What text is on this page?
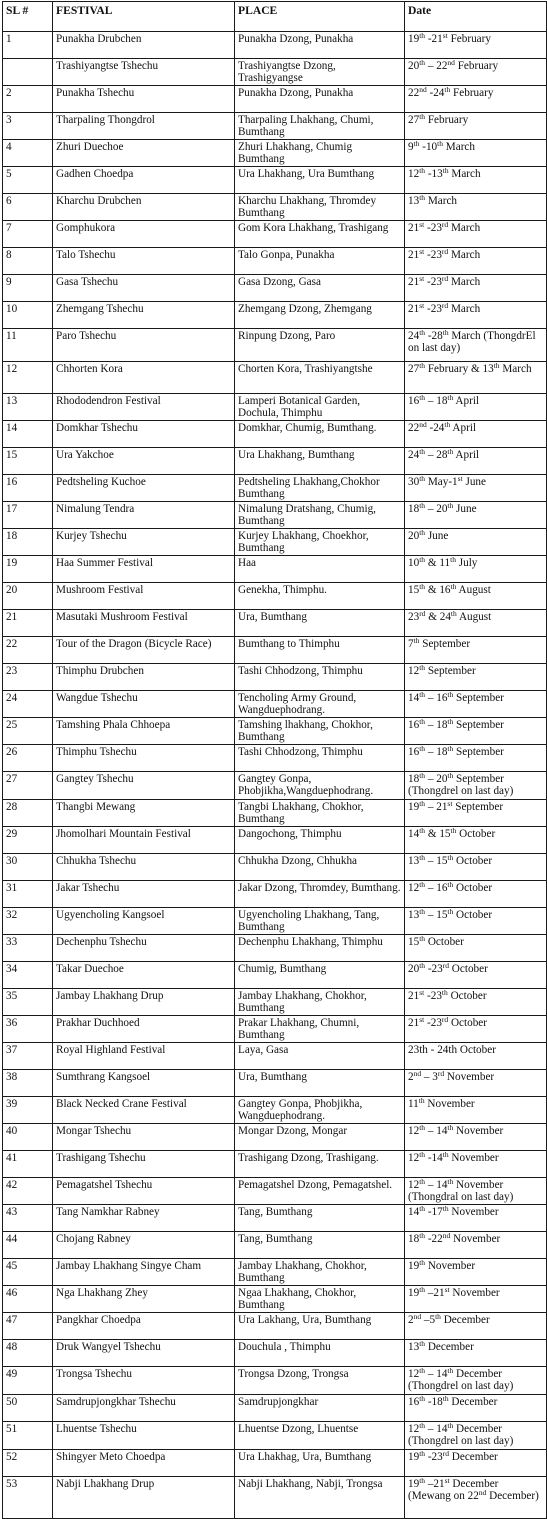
SL #	FESTIVAL	PLACE	Date
1	Punakha Drubchen	Punakha Dzong, Punakha	19th -21st February
	Trashiyangtse Tshechu	Trashiyangtse Dzong, Trashigyangse	20th – 22nd February
2	Punakha Tshechu	Punakha Dzong, Punakha	22nd -24th February
3	Tharpaling Thongdrol	Tharpaling Lhakhang, Chumi, Bumthang	27th February
4	Zhuri Duechoe	Zhuri Lhakhang, Chumig Bumthang	9th -10th March
5	Gadhen Choedpa	Ura Lhakhang, Ura Bumthang	12th -13th March
6	Kharchu Drubchen	Kharchu Lhakhang, Thromdey Bumthang	13th March
7	Gomphukora	Gom Kora Lhakhang, Trashigang	21st -23rd March
8	Talo Tshechu	Talo Gonpa, Punakha	21st -23rd March
9	Gasa Tshechu	Gasa Dzong, Gasa	21st -23rd March
10	Zhemgang Tshechu	Zhemgang Dzong, Zhemgang	21st -23rd March
11	Paro Tshechu	Rinpung Dzong, Paro	24th -28th March (ThongdrEl on last day)
12	Chhorten Kora	Chorten Kora, Trashiyangtshe	27th February & 13th March
13	Rhododendron Festival	Lamperi Botanical Garden, Dochula, Thimphu	16th – 18th April
14	Domkhar Tshechu	Domkhar, Chumig, Bumthang.	22nd -24th April
15	Ura Yakchoe	Ura Lhakhang, Bumthang	24th – 28th April
16	Pedtsheling Kuchoe	Pedtsheling Lhakhang,Chokhor Bumthang	30th May-1st June
17	Nimalung Tendra	Nimalung Dratshang, Chumig, Bumthang	18th – 20th June
18	Kurjey Tshechu	Kurjey Lhakhang, Choekhor, Bumthang	20th June
19	Haa Summer Festival	Haa	10th & 11th July
20	Mushroom Festival	Genekha, Thimphu.	15th & 16th August
21	Masutaki Mushroom Festival	Ura, Bumthang	23rd & 24th August
22	Tour of the Dragon (Bicycle Race)	Bumthang to Thimphu	7th September
23	Thimphu Drubchen	Tashi Chhodzong, Thimphu	12th September
24	Wangdue Tshechu	Tencholing Army Ground, Wangduephodrang.	14th – 16th September
25	Tamshing Phala Chhoepa	Tamshing lhakhang, Chokhor, Bumthang	16th – 18th September
26	Thimphu Tshechu	Tashi Chhodzong, Thimphu	16th – 18th September
27	Gangtey Tshechu	Gangtey Gonpa, Phobjikha,Wangduephodrang.	18th – 20th September (Thongdrel on last day)
28	Thangbi Mewang	Tangbi Lhakhang, Chokhor, Bumthang	19th – 21st September
29	Jhomolhari Mountain Festival	Dangochong, Thimphu	14th & 15th October
30	Chhukha Tshechu	Chhukha Dzong, Chhukha	13th – 15th October
31	Jakar Tshechu	Jakar Dzong, Thromdey, Bumthang.	12th – 16th October
32	Ugyencholing Kangsoel	Ugyencholing Lhakhang, Tang, Bumthang	13th – 15th October
33	Dechenphu Tshechu	Dechenphu Lhakhang, Thimphu	15th October
34	Takar Duechoe	Chumig, Bumthang	20th -23rd October
35	Jambay Lhakhang Drup	Jambay Lhakhang, Chokhor, Bumthang	21st -23th October
36	Prakhar Duchhoed	Prakar Lhakhang, Chumni, Bumthang	21st -23rd October
37	Royal Highland Festival	Laya, Gasa	23th - 24th October
38	Sumthrang Kangsoel	Ura, Bumthang	2nd – 3rd November
39	Black Necked Crane Festival	Gangtey Gonpa, Phobjikha, Wangduephodrang.	11th November
40	Mongar Tshechu	Mongar Dzong, Mongar	12th – 14th November
41	Trashigang Tshechu	Trashigang Dzong, Trashigang.	12th -14th November
42	Pemagatshel Tshechu	Pemagatshel Dzong, Pemagatshel.	12th – 14th November (Thongdral on last day)
43	Tang Namkhar Rabney	Tang, Bumthang	14th -17th November
44	Chojang Rabney	Tang, Bumthang	18th -22nd November
45	Jambay Lhakhang Singye Cham	Jambay Lhakhang, Chokhor, Bumthang	19th November
46	Nga Lhakhang Zhey	Ngaa Lhakhang, Chokhor, Bumthang	19th –21st November
47	Pangkhar Choedpa	Ura Lakhang, Ura, Bumthang	2nd –5th December
48	Druk Wangyel Tshechu	Douchula , Thimphu	13th December
49	Trongsa Tshechu	Trongsa Dzong, Trongsa	12th – 14th December (Thongdrel on last day)
50	Samdrupjongkhar Tshechu	Samdrupjongkhar	16th -18th December
51	Lhuentse Tshechu	Lhuentse Dzong, Lhuentse	12th – 14th December (Thongdrel on last day)
52	Shingyer Meto Choedpa	Ura Lhakhag, Ura, Bumthang	19th -23rd December
53	Nabji Lhakhang Drup	Nabji Lhakhang, Nabji, Trongsa	19th –21st December (Mewang on 22nd December)
